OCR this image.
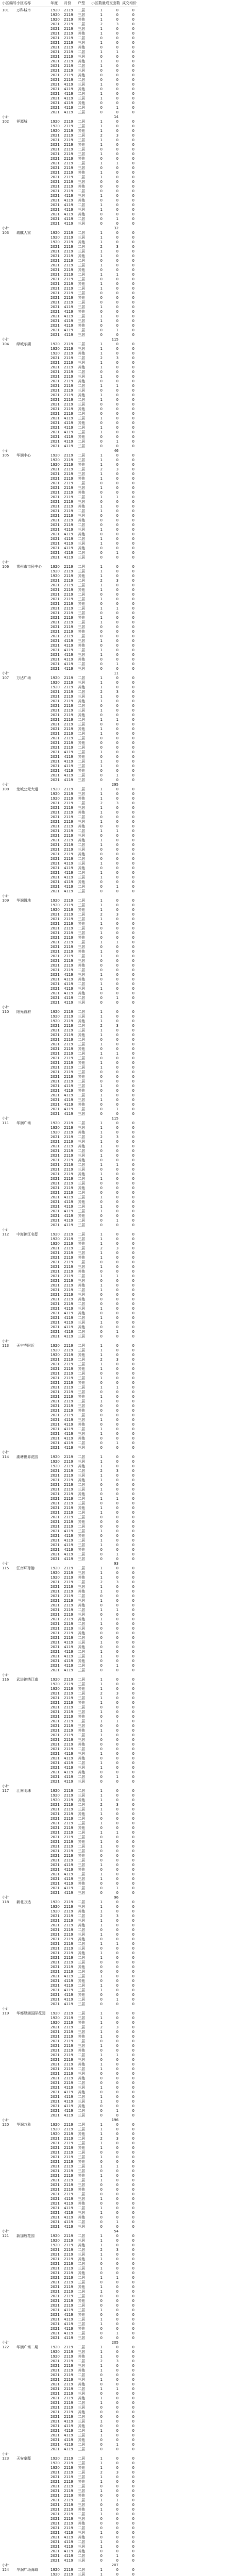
小区编号 小区名称	年度	月份	户型	小区数量 成交套数 成交均价
101	万科城市	1920	2119	二居	1	0	0
1920	2119	三居	1	0	0
1920	2119	其他	1	0	0
2021	2119	二居	2	3	0
2021	2119	三居	1	0	0
2021	2119	其他	1	0	0
2021	2119	二居	0	0	0
2021	2119	三居	1	0	0
2021	2119	其他	0	0	0
2021	2119	二居	1	1	0
2021	2119	三居	0	0	0
2021	2119	其他	1	0	0
2021	2119	二居	1	0	0
2021	2119	三居	0	0	0
2021	2119	其他	0	0	0
2021	2119	二居	0	0	0
2021	4119	三居	1	0	0
2021	4119	其他	0	0	0
2021	4119	二居	1	0	0
2021	4119	三居	1	0	0
2021	4119	其他	0	0	0
2021	4119	二居	0	1	0
2021	4119	三居	0	0	0
小计	14
102	祥源城	1920	2119	二居	1	0	0
1920	2119	三居	1	0	0
1920	2119	其他	1	0	0
2021	2119	二居	2	3	0
2021	2119	三居	1	0	0
2021	2119	其他	1	0	0
2021	2119	二居	0	0	0
2021	2119	三居	1	0	0
2021	2119	其他	0	0	0
2021	2119	二居	1	1	0
2021	2119	三居	0	0	0
2021	2119	其他	1	0	0
2021	2119	二居	1	0	0
2021	2119	三居	0	0	0
2021	2119	其他	0	0	0
2021	2119	二居	0	0	0
2021	4119	三居	1	0	0
2021	4119	其他	0	0	0
2021	4119	二居	1	0	0
2021	4119	三居	1	0	0
2021	4119	其他	0	0	0
2021	4119	二居	0	1	0
2021	4119	三居	0	0	0
小计	32
103	瑞麒人家	1920	2119	二居	1	0	0
1920	2119	三居	1	0	0
1920	2119	其他	1	0	0
2021	2119	二居	2	3	0
2021	2119	三居	1	0	0
2021	2119	其他	1	0	0
2021	2119	二居	0	0	0
2021	2119	三居	1	0	0
2021	2119	其他	0	0	0
2021	2119	二居	1	1	0
2021	2119	三居	0	0	0
2021	2119	其他	1	0	0
2021	2119	二居	1	0	0
2021	2119	三居	0	0	0
2021	2119	其他	0	0	0
2021	2119	二居	0	0	0
2021	4119	三居	1	0	0
2021	4119	其他	0	0	0
2021	4119	二居	1	0	0
2021	4119	三居	1	0	0
2021	4119	其他	0	0	0
2021	4119	二居	0	1	0
2021	4119	三居	0	0	0
小计	115
104	绿城东湖	1920	2119	二居	1	0	0
1920	2119	三居	1	0	0
1920	2119	其他	1	0	0
2021	2119	二居	2	3	0
2021	2119	三居	1	0	0
2021	2119	其他	1	0	0
2021	2119	二居	0	0	0
2021	2119	三居	1	0	0
2021	2119	其他	0	0	0
2021	2119	二居	1	1	0
2021	2119	三居	0	0	0
2021	2119	其他	1	0	0
2021	2119	二居	1	0	0
2021	2119	三居	0	0	0
2021	2119	其他	0	0	0
2021	2119	二居	0	0	0
2021	4119	三居	1	0	0
2021	4119	其他	0	0	0
2021	4119	二居	1	0	0
2021	4119	三居	1	0	0
2021	4119	其他	0	0	0
2021	4119	二居	0	1	0
2021	4119	三居	0	0	0
小计	46
105	华润中心	1920	2119	二居	1	0	0
1920	2119	三居	1	0	0
1920	2119	其他	1	0	0
2021	2119	二居	2	3	0
2021	2119	三居	1	0	0
2021	2119	其他	1	0	0
2021	2119	二居	0	0	0
2021	2119	三居	1	0	0
2021	2119	其他	0	0	0
2021	2119	二居	1	1	0
2021	2119	三居	0	0	0
2021	2119	其他	1	0	0
2021	2119	二居	1	0	0
2021	2119	三居	0	0	0
2021	2119	其他	0	0	0
2021	2119	二居	0	0	0
2021	4119	三居	1	0	0
2021	4119	其他	0	0	0
2021	4119	二居	1	0	0
2021	4119	三居	1	0	0
2021	4119	其他	0	0	0
2021	4119	二居	0	1	0
2021	4119	三居	0	0	0
小计
106	常州市市民中心	1920	2119	二居	1	0	0
1920	2119	三居	1	0	0
1920	2119	其他	1	0	0
2021	2119	二居	2	3	0
2021	2119	三居	1	0	0
2021	2119	其他	1	0	0
2021	2119	二居	0	0	0
2021	2119	三居	1	0	0
2021	2119	其他	0	0	0
2021	2119	二居	1	1	0
2021	2119	三居	0	0	0
2021	2119	其他	1	0	0
2021	2119	二居	1	0	0
2021	2119	三居	0	0	0
2021	2119	其他	0	0	0
2021	2119	二居	0	0	0
2021	4119	三居	1	0	0
2021	4119	其他	0	0	0
2021	4119	二居	1	0	0
2021	4119	三居	1	0	0
2021	4119	其他	0	0	0
2021	4119	二居	0	1	0
2021	4119	三居	0	0	0
小计	11
107	万达广场	1920	2119	二居	1	0	0
1920	2119	三居	1	0	0
1920	2119	其他	1	0	0
2021	2119	二居	2	3	0
2021	2119	三居	1	0	0
2021	2119	其他	1	0	0
2021	2119	二居	0	0	0
2021	2119	三居	1	0	0
2021	2119	其他	0	0	0
2021	2119	二居	1	1	0
2021	2119	三居	0	0	0
2021	2119	其他	1	0	0
2021	2119	二居	1	0	0
2021	2119	三居	0	0	0
2021	2119	其他	0	0	0
2021	2119	二居	0	0	0
2021	4119	三居	1	0	0
2021	4119	其他	0	0	0
2021	4119	二居	1	0	0
2021	4119	三居	1	0	0
2021	4119	其他	0	0	0
2021	4119	二居	0	1	0
2021	4119	三居	0	0	0
小计	295
108	龙城公元大道	1920	2119	二居	1	0	0
1920	2119	三居	1	0	0
1920	2119	其他	1	0	0
2021	2119	二居	2	3	0
2021	2119	三居	1	0	0
2021	2119	其他	1	0	0
2021	2119	二居	0	0	0
2021	2119	三居	1	0	0
2021	2119	其他	0	0	0
2021	2119	二居	1	1	0
2021	2119	三居	0	0	0
2021	2119	其他	1	0	0
2021	2119	二居	1	0	0
2021	2119	三居	0	0	0
2021	2119	其他	0	0	0
2021	2119	二居	0	0	0
2021	4119	三居	1	0	0
2021	4119	其他	0	0	0
2021	4119	二居	1	0	0
2021	4119	三居	1	0	0
2021	4119	其他	0	0	0
2021	4119	二居	0	1	0
2021	4119	三居	0	0	0
小计
109	华润置地	1920	2119	二居	1	0	0
1920	2119	三居	1	0	0
1920	2119	其他	1	0	0
2021	2119	二居	2	3	0
2021	2119	三居	1	0	0
2021	2119	其他	1	0	0
2021	2119	二居	0	0	0
2021	2119	三居	1	0	0
2021	2119	其他	0	0	0
2021	2119	二居	1	1	0
2021	2119	三居	0	0	0
2021	2119	其他	1	0	0
2021	2119	二居	1	0	0
2021	2119	三居	0	0	0
2021	2119	其他	0	0	0
2021	2119	二居	0	0	0
2021	4119	三居	1	0	0
2021	4119	其他	0	0	0
2021	4119	二居	1	0	0
2021	4119	三居	1	0	0
2021	4119	其他	0	0	0
2021	4119	二居	0	1	0
2021	4119	三居	0	0	0
小计
110	阳光首府	1920	2119	二居	1	0	0
1920	2119	三居	1	0	0
1920	2119	其他	1	0	0
2021	2119	二居	2	3	0
2021	2119	三居	1	0	0
2021	2119	其他	1	0	0
2021	2119	二居	0	0	0
2021	2119	三居	1	0	0
2021	2119	其他	0	0	0
2021	2119	二居	1	1	0
2021	2119	三居	0	0	0
2021	2119	其他	1	0	0
2021	2119	二居	1	0	0
2021	2119	三居	0	0	0
2021	2119	其他	0	0	0
2021	2119	二居	0	0	0
2021	4119	三居	1	0	0
2021	4119	其他	0	0	0
2021	4119	二居	1	0	0
2021	4119	三居	1	0	0
2021	4119	其他	0	0	0
2021	4119	二居	0	1	0
2021	4119	三居	0	0	0
小计	115
111	华润广场	1920	2119	二居	1	0	0
1920	2119	三居	1	0	0
1920	2119	其他	1	0	0
2021	2119	二居	2	3	0
2021	2119	三居	1	0	0
2021	2119	其他	1	0	0
2021	2119	二居	0	0	0
2021	2119	三居	1	0	0
2021	2119	其他	0	0	0
2021	2119	二居	1	1	0
2021	2119	三居	0	0	0
2021	2119	其他	1	0	0
2021	2119	二居	1	0	0
2021	2119	三居	0	0	0
2021	2119	其他	0	0	0
2021	2119	二居	0	0	0
2021	4119	三居	1	0	0
2021	4119	其他	0	0	0
2021	4119	二居	1	0	0
2021	4119	三居	1	0	0
2021	4119	其他	0	0	0
2021	4119	二居	0	1	0
2021	4119	三居	0	0	0
小计
112	中海锦江名邸	1920	2119	二居	1	0	0
1920	2119	三居	1	0	0
1920	2119	其他	1	0	0
2021	2119	二居	2	3	0
2021	2119	三居	1	0	0
2021	2119	其他	1	0	0
2021	2119	二居	0	0	0
2021	2119	三居	1	0	0
2021	2119	其他	0	0	0
2021	2119	二居	1	1	0
2021	2119	三居	0	0	0
2021	2119	其他	1	0	0
2021	2119	二居	1	0	0
2021	2119	三居	0	0	0
2021	2119	其他	0	0	0
2021	2119	二居	0	0	0
2021	4119	三居	1	0	0
2021	4119	其他	0	0	0
2021	4119	二居	1	0	0
2021	4119	三居	1	0	0
2021	4119	其他	0	0	0
2021	4119	二居	0	1	0
2021	4119	三居	0	0	0
小计
113	天宁寺附近	1920	2119	二居	1	0	0
1920	2119	三居	1	0	0
1920	2119	其他	1	0	0
2021	2119	二居	2	3	0
2021	2119	三居	1	0	0
2021	2119	其他	1	0	0
2021	2119	二居	0	0	0
2021	2119	三居	1	0	0
2021	2119	其他	0	0	0
2021	2119	二居	1	1	0
2021	2119	三居	0	0	0
2021	2119	其他	1	0	0
2021	2119	二居	1	0	0
2021	2119	三居	0	0	0
2021	2119	其他	0	0	0
2021	2119	二居	0	0	0
2021	4119	三居	1	0	0
2021	4119	其他	0	0	0
2021	4119	二居	1	0	0
2021	4119	三居	1	0	0
2021	4119	其他	0	0	0
2021	4119	二居	0	1	0
2021	4119	三居	0	0	0
小计
114	湖塘世界花园	1920	2119	二居	1	0	0
1920	2119	三居	1	0	0
1920	2119	其他	1	0	0
2021	2119	二居	2	3	0
2021	2119	三居	1	0	0
2021	2119	其他	1	0	0
2021	2119	二居	0	0	0
2021	2119	三居	1	0	0
2021	2119	其他	0	0	0
2021	2119	二居	1	1	0
2021	2119	三居	0	0	0
2021	2119	其他	1	0	0
2021	2119	二居	1	0	0
2021	2119	三居	0	0	0
2021	2119	其他	0	0	0
2021	2119	二居	0	0	0
2021	4119	三居	1	0	0
2021	4119	其他	0	0	0
2021	4119	二居	1	0	0
2021	4119	三居	1	0	0
2021	4119	其他	0	0	0
2021	4119	二居	0	1	0
2021	4119	三居	0	0	0
小计	93
115	江南环球港	1920	2119	二居	1	0	0
1920	2119	三居	1	0	0
1920	2119	其他	1	0	0
2021	2119	二居	2	3	0
2021	2119	三居	1	0	0
2021	2119	其他	1	0	0
2021	2119	二居	0	0	0
2021	2119	三居	1	0	0
2021	2119	其他	0	0	0
2021	2119	二居	1	1	0
2021	2119	三居	0	0	0
2021	2119	其他	1	0	0
2021	2119	二居	1	0	0
2021	2119	三居	0	0	0
2021	2119	其他	0	0	0
2021	2119	二居	0	0	0
2021	4119	三居	1	0	0
2021	4119	其他	0	0	0
2021	4119	二居	1	0	0
2021	4119	三居	1	0	0
2021	4119	其他	0	0	0
2021	4119	二居	0	1	0
2021	4119	三居	0	0	0
小计
116	武进锦绣江南	1920	2119	二居	1	0	0
1920	2119	三居	1	0	0
1920	2119	其他	1	0	0
2021	2119	二居	2	3	0
2021	2119	三居	1	0	0
2021	2119	其他	1	0	0
2021	2119	二居	0	0	0
2021	2119	三居	1	0	0
2021	2119	其他	0	0	0
2021	2119	二居	1	1	0
2021	2119	三居	0	0	0
2021	2119	其他	1	0	0
2021	2119	二居	1	0	0
2021	2119	三居	0	0	0
2021	2119	其他	0	0	0
2021	2119	二居	0	0	0
2021	4119	三居	1	0	0
2021	4119	其他	0	0	0
2021	4119	二居	1	0	0
2021	4119	三居	1	0	0
2021	4119	其他	0	0	0
2021	4119	二居	0	1	0
2021	4119	三居	0	0	0
小计
117	江南明珠	1920	2119	二居	1	0	0
1920	2119	三居	1	0	0
1920	2119	其他	1	0	0
2021	2119	二居	2	3	0
2021	2119	三居	1	0	0
2021	2119	其他	1	0	0
2021	2119	二居	0	0	0
2021	2119	三居	1	0	0
2021	2119	其他	0	0	0
2021	2119	二居	1	1	0
2021	2119	三居	0	0	0
2021	2119	其他	1	0	0
2021	2119	二居	1	0	0
2021	2119	三居	0	0	0
2021	2119	其他	0	0	0
2021	2119	二居	0	0	0
2021	4119	三居	1	0	0
2021	4119	其他	0	0	0
2021	4119	二居	1	0	0
2021	4119	三居	1	0	0
2021	4119	其他	0	0	0
2021	4119	二居	0	1	0
2021	4119	三居	0	0	0
小计	96
118	新北万达	1920	2119	二居	1	0	0
1920	2119	三居	1	0	0
1920	2119	其他	1	0	0
2021	2119	二居	2	3	0
2021	2119	三居	1	0	0
2021	2119	其他	1	0	0
2021	2119	二居	0	0	0
2021	2119	三居	1	0	0
2021	2119	其他	0	0	0
2021	2119	二居	1	1	0
2021	2119	三居	0	0	0
2021	2119	其他	1	0	0
2021	2119	二居	1	0	0
2021	2119	三居	0	0	0
2021	2119	其他	0	0	0
2021	2119	二居	0	0	0
2021	4119	三居	1	0	0
2021	4119	其他	0	0	0
2021	4119	二居	1	0	0
2021	4119	三居	1	0	0
2021	4119	其他	0	0	0
2021	4119	二居	0	1	0
2021	4119	三居	0	0	0
小计
119	华都绿洲国际花园	1920	2119	二居	1	0	0
1920	2119	三居	1	0	0
1920	2119	其他	1	0	0
2021	2119	二居	2	3	0
2021	2119	三居	1	0	0
2021	2119	其他	1	0	0
2021	2119	二居	0	0	0
2021	2119	三居	1	0	0
2021	2119	其他	0	0	0
2021	2119	二居	1	1	0
2021	2119	三居	0	0	0
2021	2119	其他	1	0	0
2021	2119	二居	1	0	0
2021	2119	三居	0	0	0
2021	2119	其他	0	0	0
2021	2119	二居	0	0	0
2021	4119	三居	1	0	0
2021	4119	其他	0	0	0
2021	4119	二居	1	0	0
2021	4119	三居	1	0	0
2021	4119	其他	0	0	0
2021	4119	二居	0	1	0
2021	4119	三居	0	0	0
小计	196
120	华润万象	1920	2119	二居	1	0	0
1920	2119	三居	1	0	0
1920	2119	其他	1	0	0
2021	2119	二居	2	3	0
2021	2119	三居	1	0	0
2021	2119	其他	1	0	0
2021	2119	二居	0	0	0
2021	2119	三居	1	0	0
2021	2119	其他	0	0	0
2021	2119	二居	1	1	0
2021	2119	三居	0	0	0
2021	2119	其他	1	0	0
2021	2119	二居	1	0	0
2021	2119	三居	0	0	0
2021	2119	其他	0	0	0
2021	2119	二居	0	0	0
2021	4119	三居	1	0	0
2021	4119	其他	0	0	0
2021	4119	二居	1	0	0
2021	4119	三居	1	0	0
2021	4119	其他	0	0	0
2021	4119	二居	0	1	0
2021	4119	三居	0	0	0
小计	54
121	新加坡花园	1920	2119	二居	1	0	0
1920	2119	三居	1	0	0
1920	2119	其他	1	0	0
2021	2119	二居	2	3	0
2021	2119	三居	1	0	0
2021	2119	其他	1	0	0
2021	2119	二居	0	0	0
2021	2119	三居	1	0	0
2021	2119	其他	0	0	0
2021	2119	二居	1	1	0
2021	2119	三居	0	0	0
2021	2119	其他	1	0	0
2021	2119	二居	1	0	0
2021	2119	三居	0	0	0
2021	2119	其他	0	0	0
2021	2119	二居	0	0	0
2021	4119	三居	1	0	0
2021	4119	其他	0	0	0
2021	4119	二居	1	0	0
2021	4119	三居	1	0	0
2021	4119	其他	0	0	0
2021	4119	二居	0	1	0
2021	4119	三居	0	0	0
小计	205
122	华润广场二期	1920	2119	二居	1	0	0
1920	2119	三居	1	0	0
1920	2119	其他	1	0	0
2021	2119	二居	2	3	0
2021	2119	三居	1	0	0
2021	2119	其他	1	0	0
2021	2119	二居	0	0	0
2021	2119	三居	1	0	0
2021	2119	其他	0	0	0
2021	2119	二居	1	1	0
2021	2119	三居	0	0	0
2021	2119	其他	1	0	0
2021	2119	二居	1	0	0
2021	2119	三居	0	0	0
2021	2119	其他	0	0	0
2021	2119	二居	0	0	0
2021	4119	三居	1	0	0
2021	4119	其他	0	0	0
2021	4119	二居	1	0	0
2021	4119	三居	1	0	0
2021	4119	其他	0	0	0
2021	4119	二居	0	1	0
2021	4119	三居	0	0	0
小计
123	天安豪邸	1920	2119	二居	1	0	0
1920	2119	三居	1	0	0
1920	2119	其他	1	0	0
2021	2119	二居	2	3	0
2021	2119	三居	1	0	0
2021	2119	其他	1	0	0
2021	2119	二居	0	0	0
2021	2119	三居	1	0	0
2021	2119	其他	0	0	0
2021	2119	二居	1	1	0
2021	2119	三居	0	0	0
2021	2119	其他	1	0	0
2021	2119	二居	1	0	0
2021	2119	三居	0	0	0
2021	2119	其他	0	0	0
2021	2119	二居	0	0	0
2021	4119	三居	1	0	0
2021	4119	其他	0	0	0
2021	4119	二居	1	0	0
2021	4119	三居	1	0	0
2021	4119	其他	0	0	0
2021	4119	二居	0	1	0
2021	4119	三居	0	0	0
小计	207
124	华润广场海域	1920	2119	二居	1	0	0
1920	2119	三居	1	0	0
